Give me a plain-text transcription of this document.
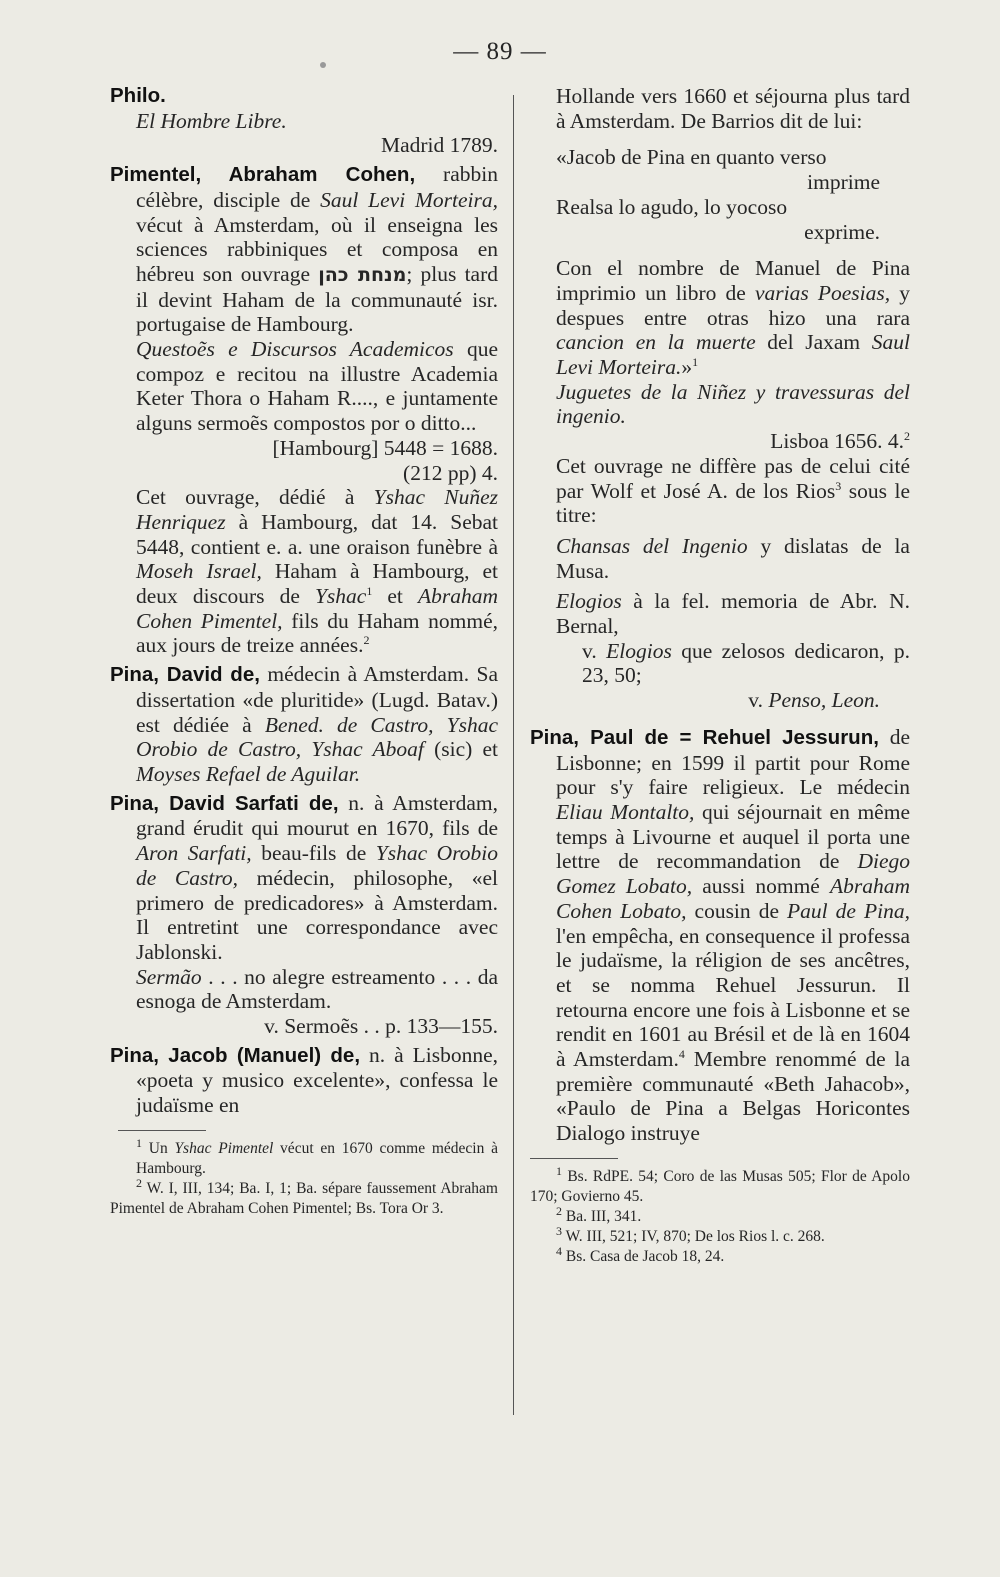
— 89 —

Philo.

El Hombre Libre.

Madrid 1789.

Pimentel, Abraham Cohen, rabbin célèbre, disciple de Saul Levi Morteira, vécut à Amsterdam, où il enseigna les sciences rabbiniques et composa en hébreu son ouvrage מנחת כהן; plus tard il devint Haham de la communauté isr. portugaise de Hambourg.

Questoẽs e Discursos Academicos que compoz e recitou na illustre Academia Keter Thora o Haham R...., e juntamente alguns sermoẽs compostos por o ditto...

[Hambourg] 5448 = 1688.

(212 pp) 4.

Cet ouvrage, dédié à Yshac Nuñez Henriquez à Hambourg, dat 14. Sebat 5448, contient e. a. une oraison funèbre à Moseh Israel, Haham à Hambourg, et deux discours de Yshac$^1$ et Abraham Cohen Pimentel, fils du Haham nommé, aux jours de treize années.$^2$

Pina, David de, médecin à Amsterdam. Sa dissertation «de pluritide» (Lugd. Batav.) est dédiée à Bened. de Castro, Yshac Orobio de Castro, Yshac Aboaf (sic) et Moyses Refael de Aguilar.

Pina, David Sarfati de, n. à Amsterdam, grand érudit qui mourut en 1670, fils de Aron Sarfati, beau-fils de Yshac Orobio de Castro, médecin, philosophe, «el primero de predicadores» à Amsterdam. Il entretint une correspondance avec Jablonski.

Sermão . . . no alegre estreamento . . . da esnoga de Amsterdam.

v. Sermoẽs . . p. 133—155.

Pina, Jacob (Manuel) de, n. à Lisbonne, «poeta y musico excelente», confessa le judaïsme en

$^1$ Un Yshac Pimentel vécut en 1670 comme médecin à Hambourg.

$^2$ W. I, III, 134; Ba. I, 1; Ba. sépare faussement Abraham Pimentel de Abraham Cohen Pimentel; Bs. Tora Or 3.

Hollande vers 1660 et séjourna plus tard à Amsterdam. De Barrios dit de lui:

«Jacob de Pina en quanto verso

imprime

Realsa lo agudo, lo yocoso

exprime.

Con el nombre de Manuel de Pina imprimio un libro de varias Poesias, y despues entre otras hizo una rara cancion en la muerte del Jaxam Saul Levi Morteira.»$^1$

Juguetes de la Niñez y travessuras del ingenio.

Lisboa 1656. 4.$^2$

Cet ouvrage ne diffère pas de celui cité par Wolf et José A. de los Rios$^3$ sous le titre:

Chansas del Ingenio y dislatas de la Musa.

Elogios à la fel. memoria de Abr. N. Bernal,

v. Elogios que zelosos dedicaron, p. 23, 50;

v. Penso, Leon.

Pina, Paul de = Rehuel Jessurun, de Lisbonne; en 1599 il partit pour Rome pour s'y faire religieux. Le médecin Eliau Montalto, qui séjournait en même temps à Livourne et auquel il porta une lettre de recommandation de Diego Gomez Lobato, aussi nommé Abraham Cohen Lobato, cousin de Paul de Pina, l'en empêcha, en consequence il professa le judaïsme, la réligion de ses ancêtres, et se nomma Rehuel Jessurun. Il retourna encore une fois à Lisbonne et se rendit en 1601 au Brésil et de là en 1604 à Amsterdam.$^4$ Membre renommé de la première communauté «Beth Jahacob», «Paulo de Pina a Belgas Horicontes Dialogo instruye

$^1$ Bs. RdPE. 54; Coro de las Musas 505; Flor de Apolo 170; Govierno 45.

$^2$ Ba. III, 341.

$^3$ W. III, 521; IV, 870; De los Rios l. c. 268.

$^4$ Bs. Casa de Jacob 18, 24.
